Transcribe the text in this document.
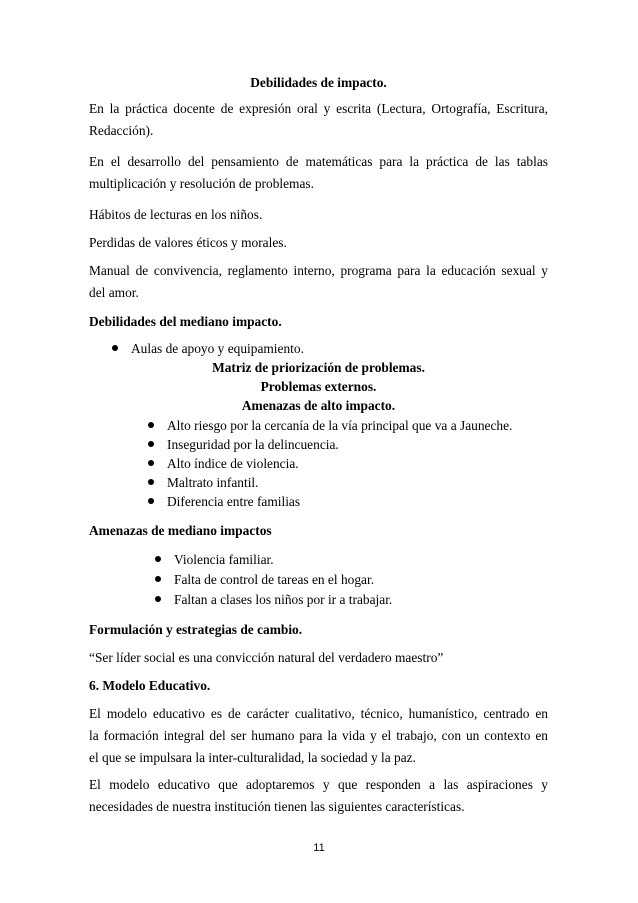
Debilidades de impacto.
En la práctica docente de expresión oral y escrita (Lectura, Ortografía, Escritura,
Redacción).
En el desarrollo del pensamiento de matemáticas para la práctica de las tablas
multiplicación y resolución de problemas.
Hábitos de lecturas en los niños.
Perdidas de valores éticos y morales.
Manual de convivencia, reglamento interno, programa para la educación sexual y
del amor.
Debilidades del mediano impacto.
Aulas de apoyo y equipamiento.
Matriz de priorización de problemas.
Problemas externos.
Amenazas de alto impacto.
Alto riesgo por la cercanía de la vía principal que va a Jauneche.
Inseguridad por la delincuencia.
Alto índice de violencia.
Maltrato infantil.
Diferencia entre familias
Amenazas de mediano impactos
Violencia familiar.
Falta de control de tareas en el hogar.
Faltan a clases los niños por ir a trabajar.
Formulación y estrategias de cambio.
“Ser líder social es una convicción natural del verdadero maestro”
6. Modelo Educativo.
El modelo educativo es de carácter cualitativo, técnico, humanístico, centrado en
la formación integral del ser humano para la vida y el trabajo, con un contexto en
el que se impulsara la inter-culturalidad, la sociedad y la paz.
El modelo educativo que adoptaremos y que responden a las aspiraciones y
necesidades de nuestra institución tienen las siguientes características.
11
